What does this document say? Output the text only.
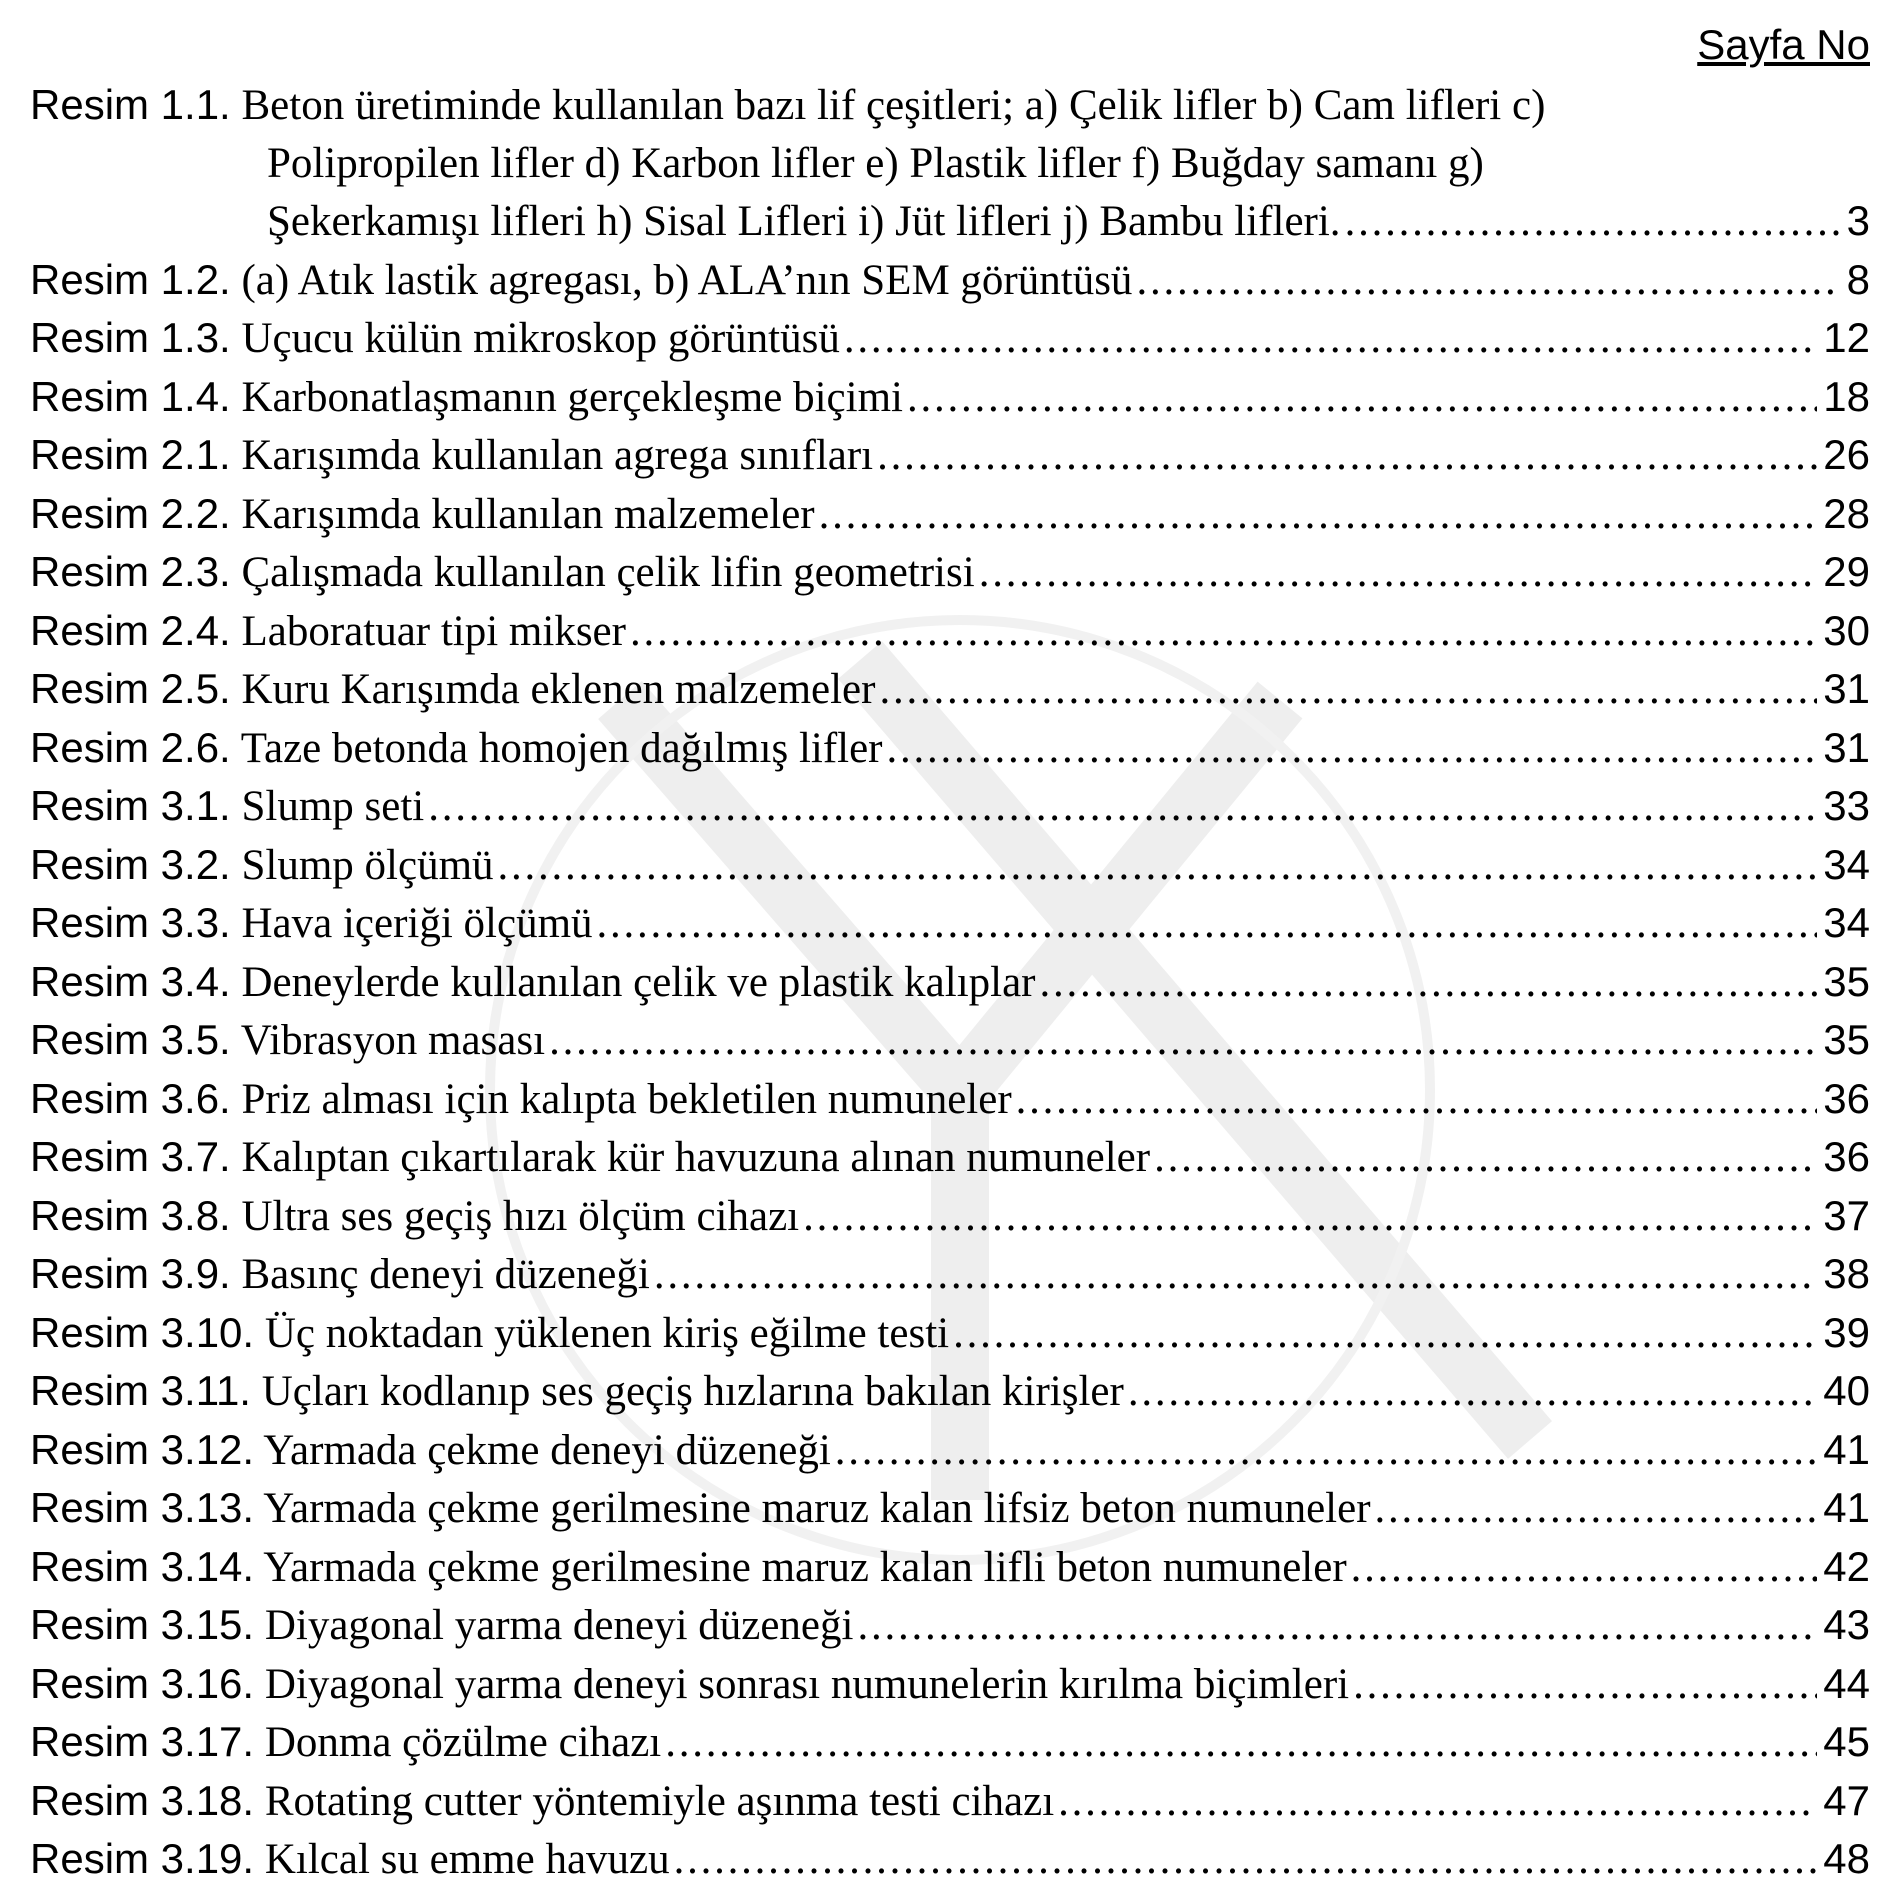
Sayfa No
Resim 1.1. Beton üretiminde kullanılan bazı lif çeşitleri; a) Çelik lifler b) Cam lifleri c)
Polipropilen lifler d) Karbon lifler e) Plastik lifler f) Buğday samanı g)
Şekerkamışı lifleri h) Sisal Lifleri i) Jüt lifleri j) Bambu lifleri. . . .	3
Resim 1.2. (a) Atık lastik agregası, b) ALA’nın SEM görüntüsü . . .	8
Resim 1.3. Uçucu külün mikroskop görüntüsü . . .	12
Resim 1.4. Karbonatlaşmanın gerçekleşme biçimi . . .	18
Resim 2.1. Karışımda kullanılan agrega sınıfları . . .	26
Resim 2.2. Karışımda kullanılan malzemeler . . .	28
Resim 2.3. Çalışmada kullanılan çelik lifin geometrisi . . .	29
Resim 2.4. Laboratuar tipi mikser . . .	30
Resim 2.5. Kuru Karışımda eklenen malzemeler . . .	31
Resim 2.6. Taze betonda homojen dağılmış lifler . . .	31
Resim 3.1. Slump seti . . .	33
Resim 3.2. Slump ölçümü . . .	34
Resim 3.3. Hava içeriği ölçümü . . .	34
Resim 3.4. Deneylerde kullanılan çelik ve plastik kalıplar . . .	35
Resim 3.5. Vibrasyon masası . . .	35
Resim 3.6. Priz alması için kalıpta bekletilen numuneler . . .	36
Resim 3.7. Kalıptan çıkartılarak kür havuzuna alınan numuneler . . .	36
Resim 3.8. Ultra ses geçiş hızı ölçüm cihazı . . .	37
Resim 3.9. Basınç deneyi düzeneği . . .	38
Resim 3.10. Üç noktadan yüklenen kiriş eğilme testi . . .	39
Resim 3.11. Uçları kodlanıp ses geçiş hızlarına bakılan kirişler . . .	40
Resim 3.12. Yarmada çekme deneyi düzeneği . . .	41
Resim 3.13. Yarmada çekme gerilmesine maruz kalan lifsiz beton numuneler . . .	41
Resim 3.14. Yarmada çekme gerilmesine maruz kalan lifli beton numuneler . . .	42
Resim 3.15. Diyagonal yarma deneyi düzeneği . . .	43
Resim 3.16. Diyagonal yarma deneyi sonrası numunelerin kırılma biçimleri . . .	44
Resim 3.17. Donma çözülme cihazı . . .	45
Resim 3.18. Rotating cutter yöntemiyle aşınma testi cihazı . . .	47
Resim 3.19. Kılcal su emme havuzu . . .	48
